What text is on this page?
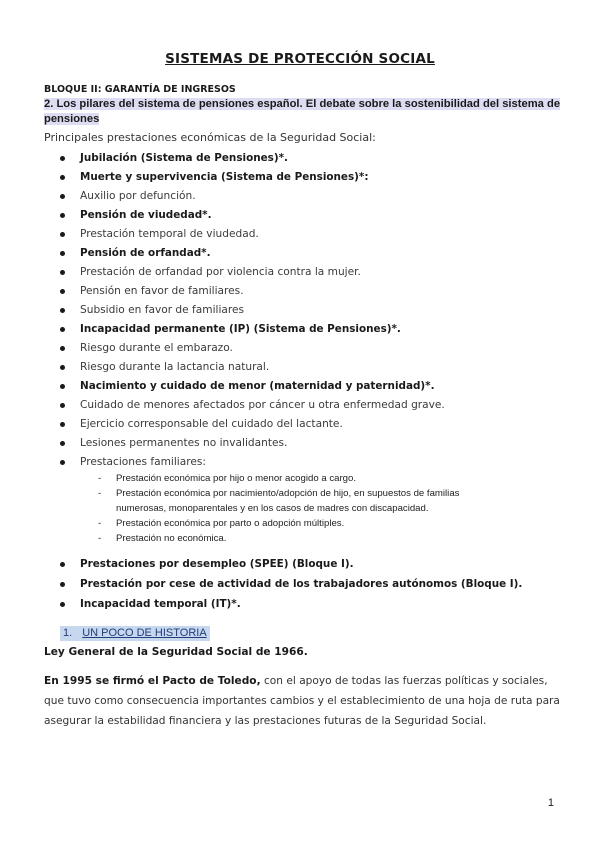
SISTEMAS DE PROTECCIÓN SOCIAL
BLOQUE II: GARANTÍA DE INGRESOS
2. Los pilares del sistema de pensiones español. El debate sobre la sostenibilidad del sistema de pensiones
Principales prestaciones económicas de la Seguridad Social:
Jubilación (Sistema de Pensiones)*.
Muerte y supervivencia (Sistema de Pensiones)*:
Auxilio por defunción.
Pensión de viudedad*.
Prestación temporal de viudedad.
Pensión de orfandad*.
Prestación de orfandad por violencia contra la mujer.
Pensión en favor de familiares.
Subsidio en favor de familiares
Incapacidad permanente (IP) (Sistema de Pensiones)*.
Riesgo durante el embarazo.
Riesgo durante la lactancia natural.
Nacimiento y cuidado de menor (maternidad y paternidad)*.
Cuidado de menores afectados por cáncer u otra enfermedad grave.
Ejercicio corresponsable del cuidado del lactante.
Lesiones permanentes no invalidantes.
Prestaciones familiares:
- Prestación económica por hijo o menor acogido a cargo.
- Prestación económica por nacimiento/adopción de hijo, en supuestos de familias
numerosas, monoparentales y en los casos de madres con discapacidad.
- Prestación económica por parto o adopción múltiples.
- Prestación no económica.
Prestaciones por desempleo (SPEE) (Bloque I).
Prestación por cese de actividad de los trabajadores autónomos (Bloque I).
Incapacidad temporal (IT)*.
1. UN POCO DE HISTORIA
Ley General de la Seguridad Social de 1966.
En 1995 se firmó el Pacto de Toledo, con el apoyo de todas las fuerzas políticas y sociales, que tuvo como consecuencia importantes cambios y el establecimiento de una hoja de ruta para asegurar la estabilidad financiera y las prestaciones futuras de la Seguridad Social.
1
